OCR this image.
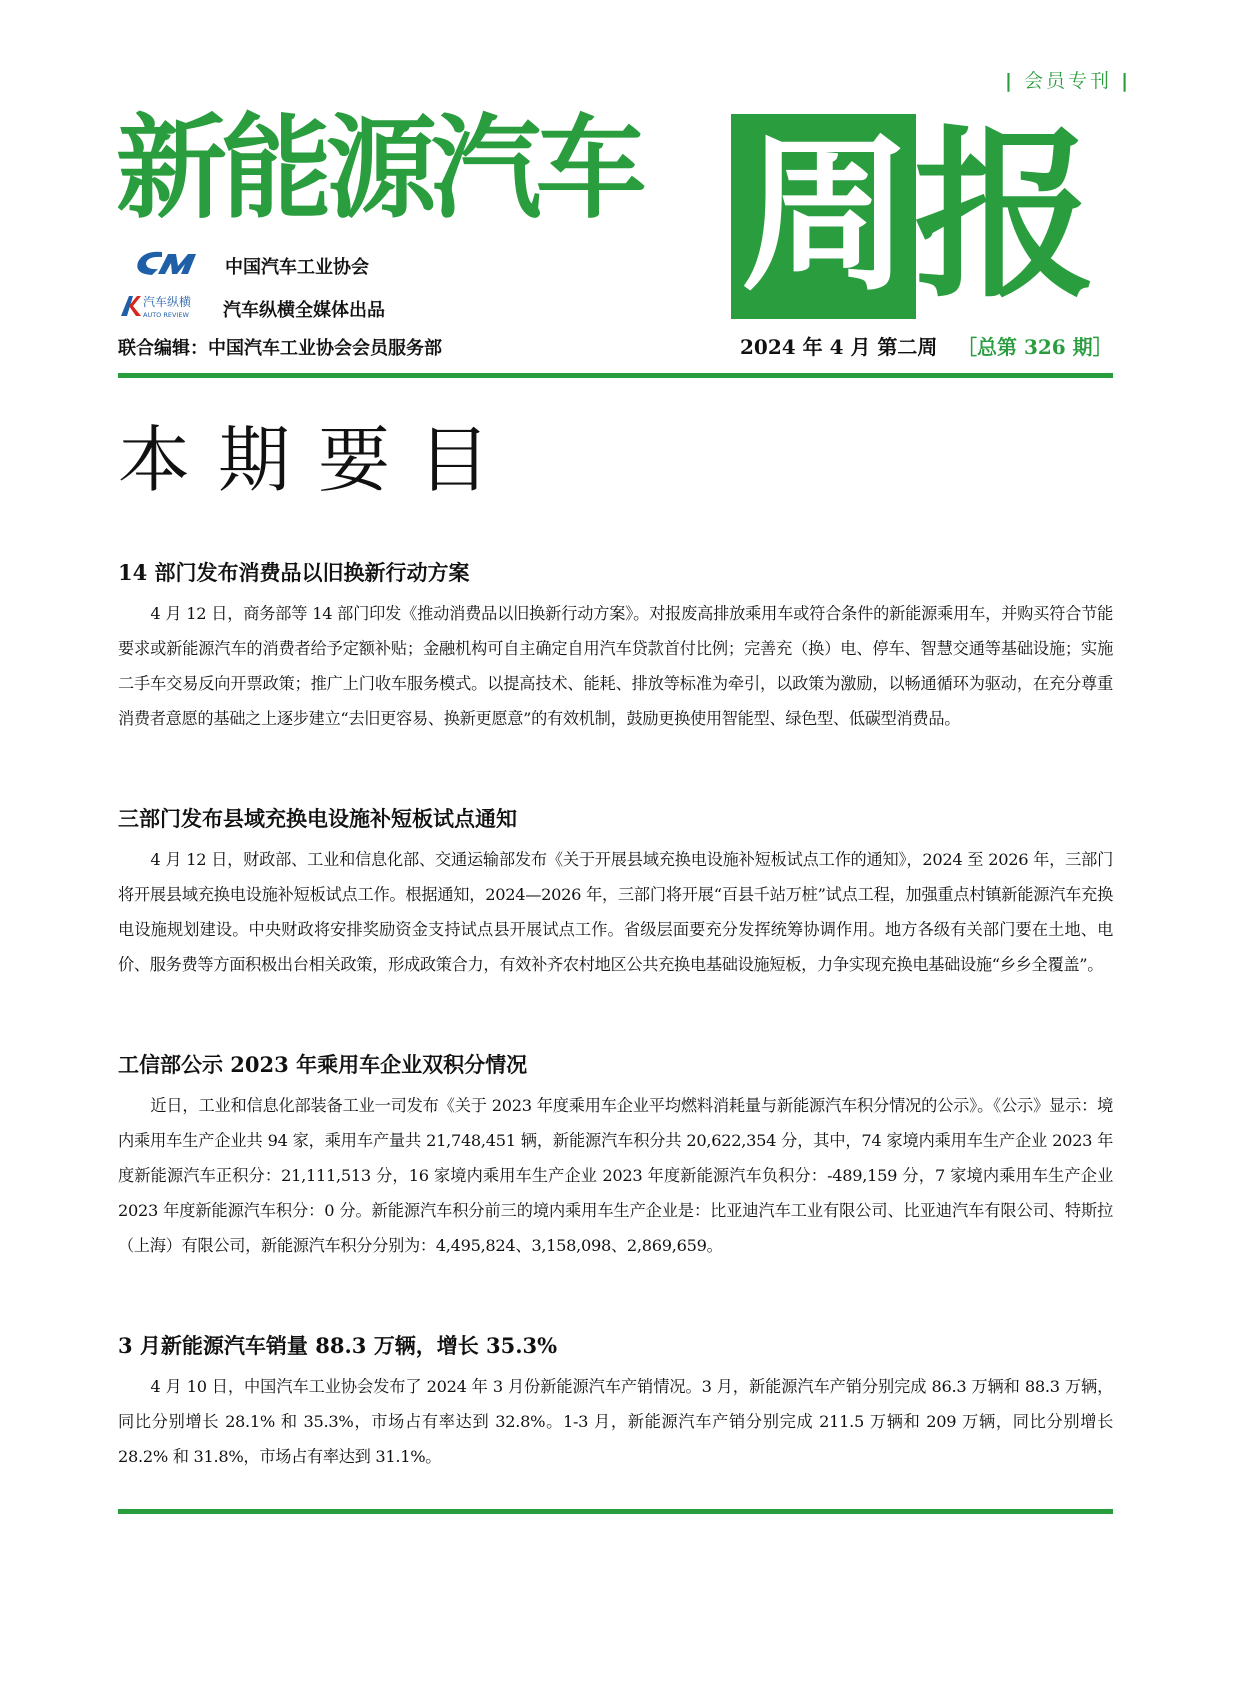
| 会员专刊 |
新能源汽车 周 报
中国汽车工业协会
汽车纵横
AUTO REVIEW 汽车纵横全媒体出品
联合编辑：中国汽车工业协会会员服务部	2024 年 4 月 第二周 ［总第 326 期］
本期要目
14 部门发布消费品以旧换新行动方案

4 月 12 日，商务部等 14 部门印发《推动消费品以旧换新行动方案》。对报废高排放乘用车或符合条件的新能源乘用车，并购买符合节能要求或新能源汽车的消费者给予定额补贴；金融机构可自主确定自用汽车贷款首付比例；完善充（换）电、停车、智慧交通等基础设施；实施二手车交易反向开票政策；推广上门收车服务模式。以提高技术、能耗、排放等标准为牵引，以政策为激励，以畅通循环为驱动，在充分尊重消费者意愿的基础之上逐步建立“去旧更容易、换新更愿意”的有效机制，鼓励更换使用智能型、绿色型、低碳型消费品。

三部门发布县域充换电设施补短板试点通知

4 月 12 日，财政部、工业和信息化部、交通运输部发布《关于开展县域充换电设施补短板试点工作的通知》，2024 至 2026 年，三部门将开展县域充换电设施补短板试点工作。根据通知，2024—2026 年，三部门将开展“百县千站万桩”试点工程，加强重点村镇新能源汽车充换电设施规划建设。中央财政将安排奖励资金支持试点县开展试点工作。省级层面要充分发挥统筹协调作用。地方各级有关部门要在土地、电价、服务费等方面积极出台相关政策，形成政策合力，有效补齐农村地区公共充换电基础设施短板，力争实现充换电基础设施“乡乡全覆盖”。

工信部公示 2023 年乘用车企业双积分情况

近日，工业和信息化部装备工业一司发布《关于 2023 年度乘用车企业平均燃料消耗量与新能源汽车积分情况的公示》。《公示》显示：境内乘用车生产企业共 94 家，乘用车产量共 21,748,451 辆，新能源汽车积分共 20,622,354 分，其中，74 家境内乘用车生产企业 2023 年度新能源汽车正积分：21,111,513 分，16 家境内乘用车生产企业 2023 年度新能源汽车负积分：-489,159 分，7 家境内乘用车生产企业 2023 年度新能源汽车积分：0 分。新能源汽车积分前三的境内乘用车生产企业是：比亚迪汽车工业有限公司、比亚迪汽车有限公司、特斯拉（上海）有限公司，新能源汽车积分分别为：4,495,824、3,158,098、2,869,659。

3 月新能源汽车销量 88.3 万辆，增长 35.3%

4 月 10 日，中国汽车工业协会发布了 2024 年 3 月份新能源汽车产销情况。3 月，新能源汽车产销分别完成 86.3 万辆和 88.3 万辆，同比分别增长 28.1% 和 35.3%，市场占有率达到 32.8%。1-3 月，新能源汽车产销分别完成 211.5 万辆和 209 万辆，同比分别增长 28.2% 和 31.8%，市场占有率达到 31.1%。
